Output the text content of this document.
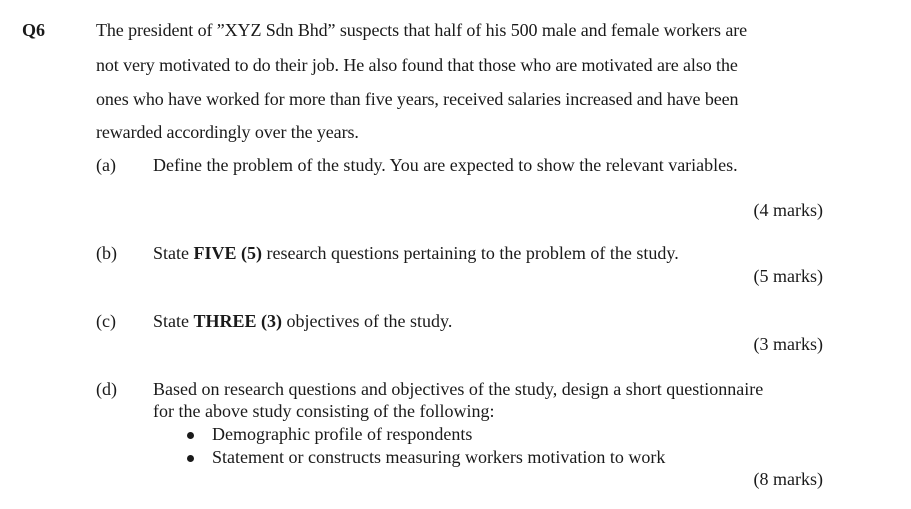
Q6	The president of ”XYZ Sdn Bhd” suspects that half of his 500 male and female workers are
not very motivated to do their job. He also found that those who are motivated are also the
ones who have worked for more than five years, received salaries increased and have been
rewarded accordingly over the years.
(a) Define the problem of the study. You are expected to show the relevant variables.
(4 marks)
(b) State FIVE (5) research questions pertaining to the problem of the study.
(5 marks)
(c) State THREE (3) objectives of the study.
(3 marks)
(d) Based on research questions and objectives of the study, design a short questionnaire
for the above study consisting of the following:
Demographic profile of respondents
Statement or constructs measuring workers motivation to work
(8 marks)
